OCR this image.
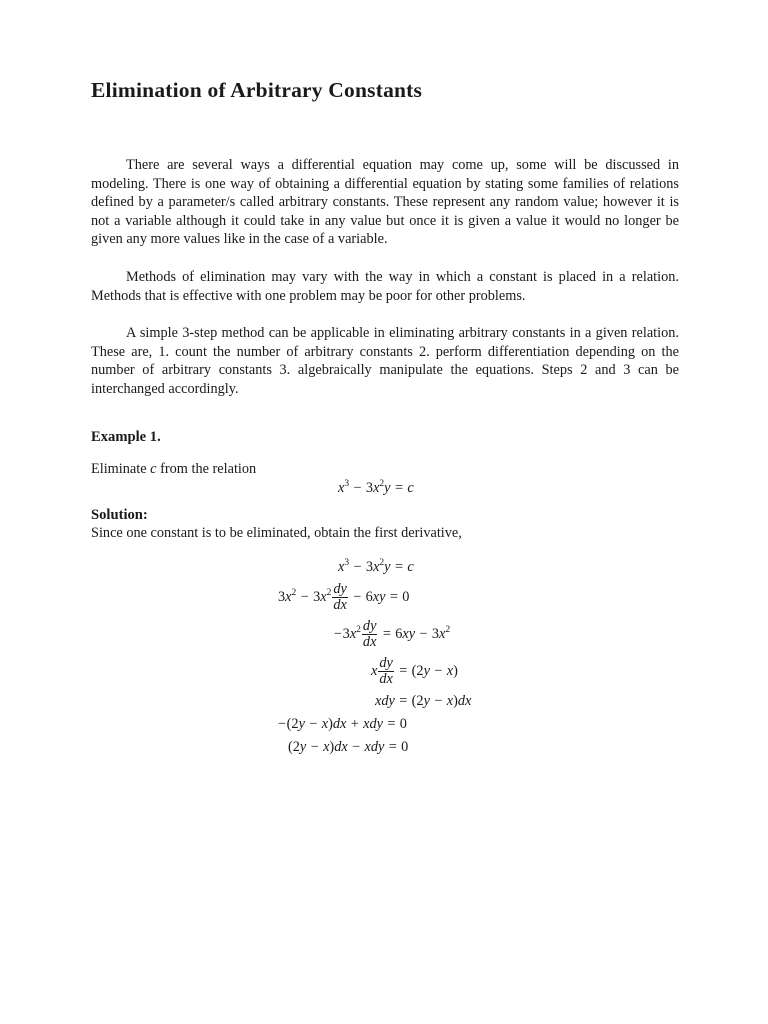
Elimination of Arbitrary Constants

There are several ways a differential equation may come up, some will be discussed in modeling. There is one way of obtaining a differential equation by stating some families of relations defined by a parameter/s called arbitrary constants. These represent any random value; however it is not a variable although it could take in any value but once it is given a value it would no longer be given any more values like in the case of a variable.

Methods of elimination may vary with the way in which a constant is placed in a relation. Methods that is effective with one problem may be poor for other problems.

A simple 3-step method can be applicable in eliminating arbitrary constants in a given relation. These are, 1. count the number of arbitrary constants 2. perform differentiation depending on the number of arbitrary constants 3. algebraically manipulate the equations. Steps 2 and 3 can be interchanged accordingly.

Example 1.

Eliminate c from the relation

$x^3 - 3x^2y = c$
Solution:

Since one constant is to be eliminated, obtain the first derivative,

$x^3 - 3x^2y = c$
$3x^2 - 3x^2 \frac{dy}{dx} - 6xy = 0$
$-3x^2 \frac{dy}{dx} = 6xy - 3x^2$
x $\frac{dy}{dx} = (2y - x)$
xdy = (2y − x)dx
−(2y − x)dx + xdy = 0
(2y − x)dx − xdy = 0
